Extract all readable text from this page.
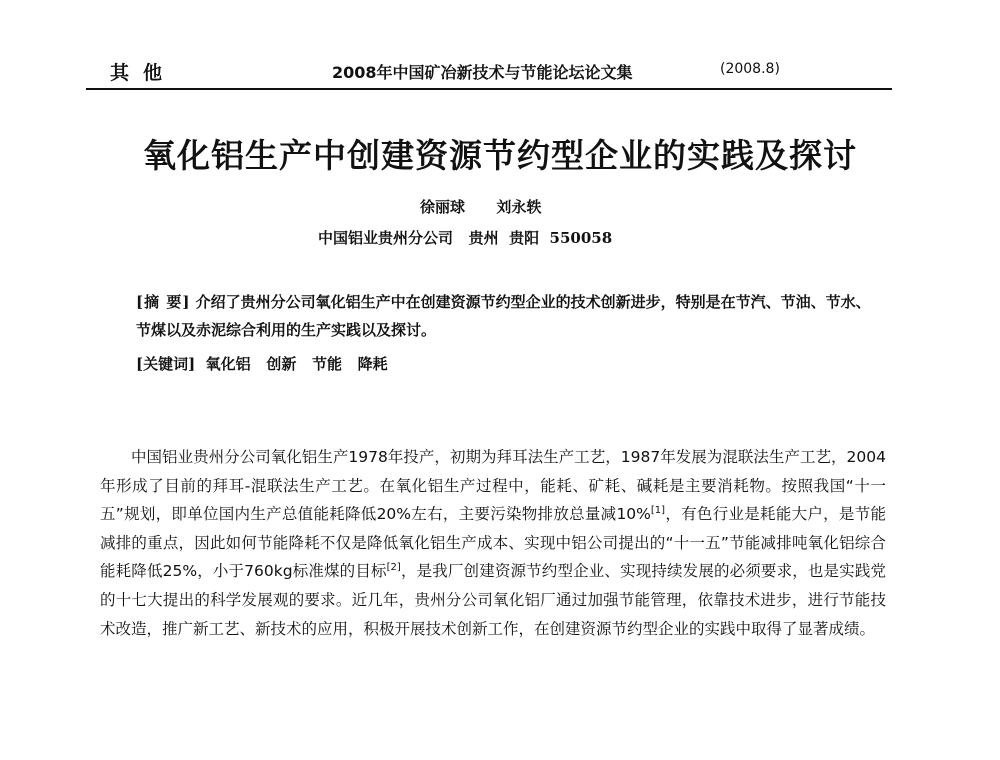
其他	2008年中国矿冶新技术与节能论坛论文集	(2008.8)
氧化铝生产中创建资源节约型企业的实践及探讨
徐丽球      刘永轶
中国铝业贵州分公司   贵州  贵阳  550058
[摘 要] 介绍了贵州分公司氧化铝生产中在创建资源节约型企业的技术创新进步，特别是在节汽、节油、节水、节煤以及赤泥综合利用的生产实践以及探讨。
[关键词] 氧化铝   创新   节能   降耗
中国铝业贵州分公司氧化铝生产1978年投产，初期为拜耳法生产工艺，1987年发展为混联法生产工艺，2004年形成了目前的拜耳-混联法生产工艺。在氧化铝生产过程中，能耗、矿耗、碱耗是主要消耗物。按照我国“十一五”规划，即单位国内生产总值能耗降低20%左右，主要污染物排放总量减10%[1]，有色行业是耗能大户，是节能减排的重点，因此如何节能降耗不仅是降低氧化铝生产成本、实现中铝公司提出的“十一五”节能减排吨氧化铝综合能耗降低25%，小于760kg标准煤的目标[2]，是我厂创建资源节约型企业、实现持续发展的必须要求，也是实践党的十七大提出的科学发展观的要求。近几年，贵州分公司氧化铝厂通过加强节能管理，依靠技术进步，进行节能技术改造，推广新工艺、新技术的应用，积极开展技术创新工作，在创建资源节约型企业的实践中取得了显著成绩。
